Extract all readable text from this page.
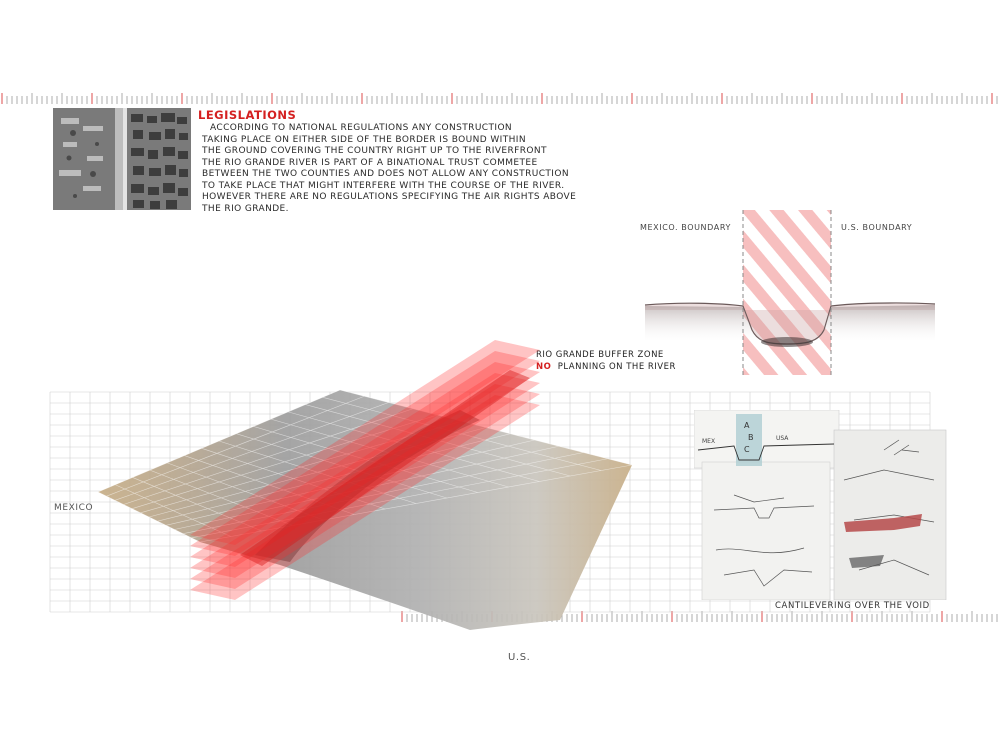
LEGISLATIONS
ACCORDING TO NATIONAL REGULATIONS ANY CONSTRUCTION
TAKING PLACE ON EITHER SIDE OF THE BORDER IS BOUND WITHIN
THE GROUND COVERING THE COUNTRY RIGHT UP TO THE RIVERFRONT
THE RIO GRANDE RIVER IS PART OF A BINATIONAL TRUST COMMETEE
BETWEEN THE TWO COUNTIES AND DOES NOT ALLOW ANY CONSTRUCTION
TO TAKE PLACE THAT MIGHT INTERFERE WITH THE COURSE OF THE RIVER.
HOWEVER THERE ARE NO REGULATIONS SPECIFYING THE AIR RIGHTS ABOVE
THE RIO GRANDE.
MEXICO. BOUNDARY	U.S. BOUNDARY
RIO GRANDE BUFFER ZONE
NO PLANNING ON THE RIVER
MEXICO
U.S.
A
B
C
MEX	USA
CANTILEVERING OVER THE VOID
